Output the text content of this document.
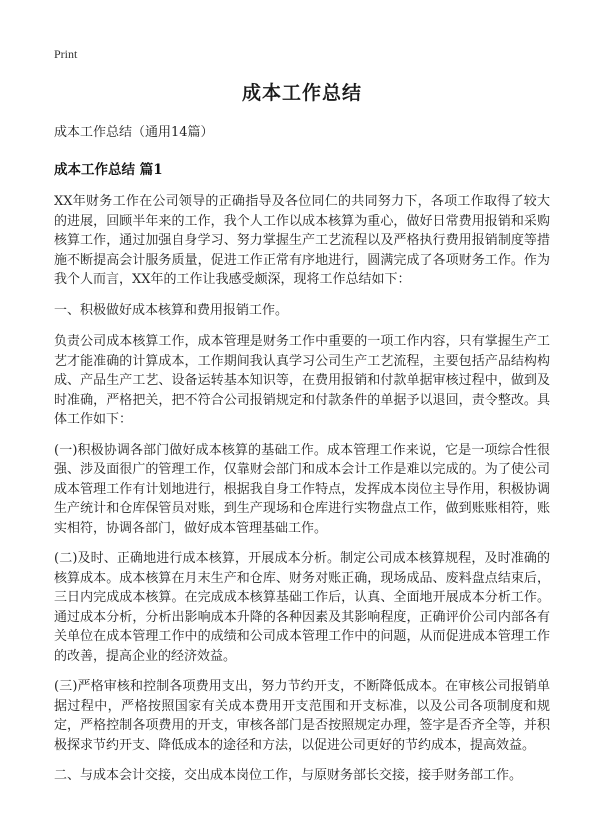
Print
成本工作总结
成本工作总结（通用14篇）
成本工作总结 篇1

XX年财务工作在公司领导的正确指导及各位同仁的共同努力下，各项工作取得了较大的进展，回顾半年来的工作，我个人工作以成本核算为重心，做好日常费用报销和采购核算工作，通过加强自身学习、努力掌握生产工艺流程以及严格执行费用报销制度等措施不断提高会计服务质量，促进工作正常有序地进行，圆满完成了各项财务工作。作为我个人而言，XX年的工作让我感受颇深，现将工作总结如下：

一、积极做好成本核算和费用报销工作。

负责公司成本核算工作，成本管理是财务工作中重要的一项工作内容，只有掌握生产工艺才能准确的计算成本，工作期间我认真学习公司生产工艺流程，主要包括产品结构构成、产品生产工艺、设备运转基本知识等，在费用报销和付款单据审核过程中，做到及时准确，严格把关，把不符合公司报销规定和付款条件的单据予以退回，责令整改。具体工作如下：

(一)积极协调各部门做好成本核算的基础工作。成本管理工作来说，它是一项综合性很强、涉及面很广的管理工作，仅靠财会部门和成本会计工作是难以完成的。为了使公司成本管理工作有计划地进行，根据我自身工作特点，发挥成本岗位主导作用，积极协调生产统计和仓库保管员对账，到生产现场和仓库进行实物盘点工作，做到账账相符，账实相符，协调各部门，做好成本管理基础工作。

(二)及时、正确地进行成本核算，开展成本分析。制定公司成本核算规程，及时准确的核算成本。成本核算在月末生产和仓库、财务对账正确，现场成品、废料盘点结束后，三日内完成成本核算。在完成成本核算基础工作后，认真、全面地开展成本分析工作。通过成本分析，分析出影响成本升降的各种因素及其影响程度，正确评价公司内部各有关单位在成本管理工作中的成绩和公司成本管理工作中的问题，从而促进成本管理工作的改善，提高企业的经济效益。

(三)严格审核和控制各项费用支出，努力节约开支，不断降低成本。在审核公司报销单据过程中，严格按照国家有关成本费用开支范围和开支标准，以及公司各项制度和规定，严格控制各项费用的开支，审核各部门是否按照规定办理，签字是否齐全等，并积极探求节约开支、降低成本的途径和方法，以促进公司更好的节约成本，提高效益。

二、与成本会计交接，交出成本岗位工作，与原财务部长交接，接手财务部工作。
